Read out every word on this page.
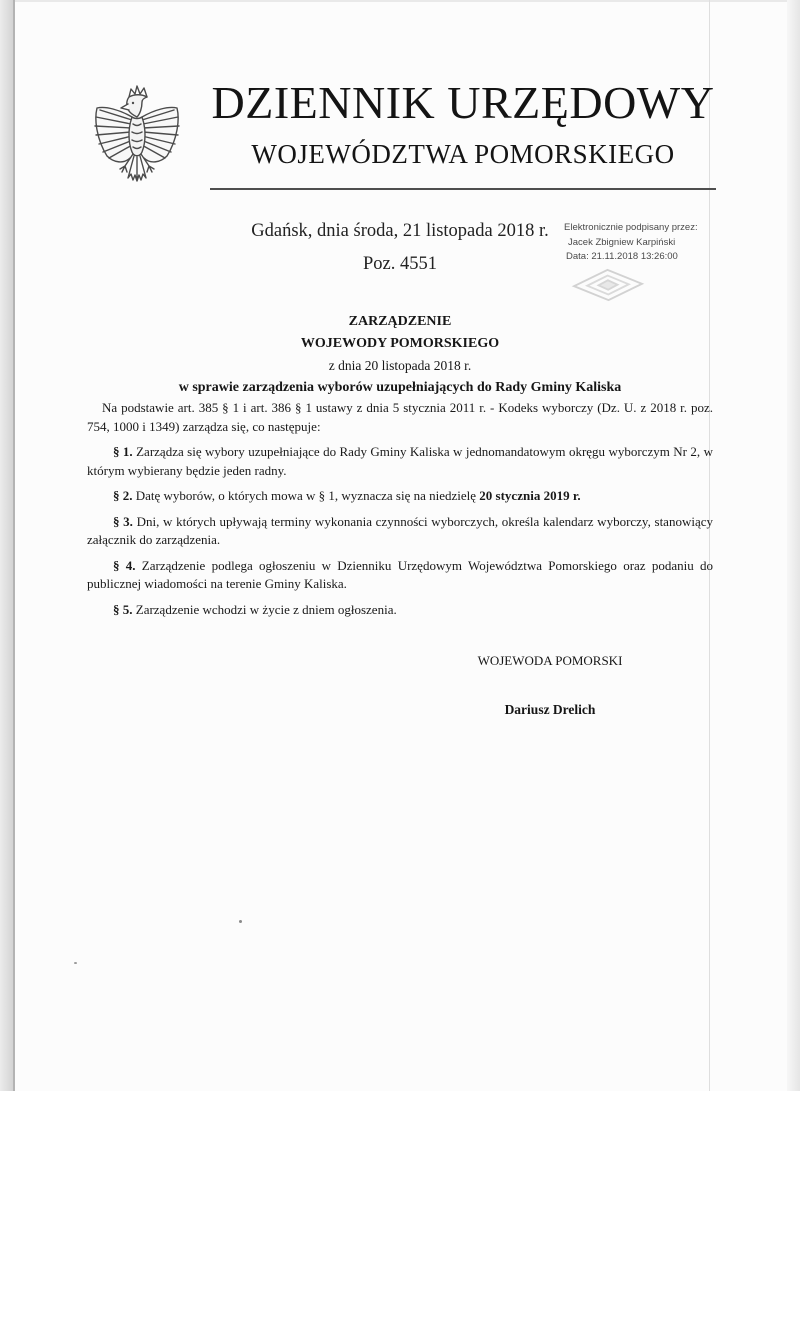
DZIENNIK URZĘDOWY
WOJEWÓDZTWA POMORSKIEGO
Gdańsk, dnia środa, 21 listopada 2018 r.
Poz. 4551
Elektronicznie podpisany przez:
Jacek Zbigniew Karpiński
Data: 21.11.2018 13:26:00
ZARZĄDZENIE
WOJEWODY POMORSKIEGO
z dnia 20 listopada 2018 r.
w sprawie zarządzenia wyborów uzupełniających do Rady Gminy Kaliska

Na podstawie art. 385 § 1 i art. 386 § 1 ustawy z dnia 5 stycznia 2011 r. - Kodeks wyborczy (Dz. U. z 2018 r. poz. 754, 1000 i 1349) zarządza się, co następuje:

§ 1. Zarządza się wybory uzupełniające do Rady Gminy Kaliska w jednomandatowym okręgu wyborczym Nr 2, w którym wybierany będzie jeden radny.

§ 2. Datę wyborów, o których mowa w § 1, wyznacza się na niedzielę 20 stycznia 2019 r.

§ 3. Dni, w których upływają terminy wykonania czynności wyborczych, określa kalendarz wyborczy, stanowiący załącznik do zarządzenia.

§ 4. Zarządzenie podlega ogłoszeniu w Dzienniku Urzędowym Województwa Pomorskiego oraz podaniu do publicznej wiadomości na terenie Gminy Kaliska.

§ 5. Zarządzenie wchodzi w życie z dniem ogłoszenia.

WOJEWODA POMORSKI
Dariusz Drelich
